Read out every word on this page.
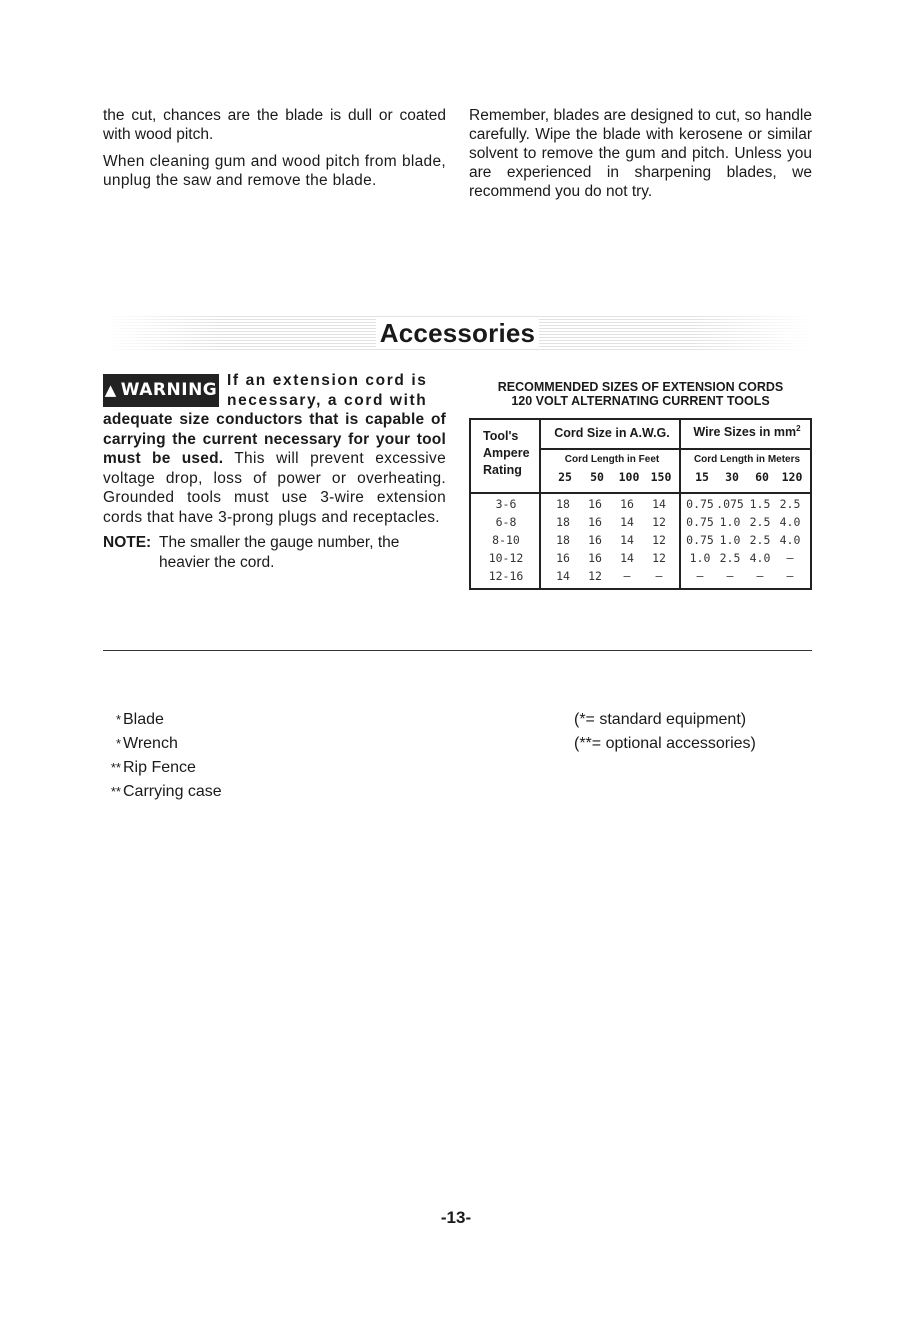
the cut, chances are the blade is dull or coated with wood pitch.

When cleaning gum and wood pitch from blade, unplug the saw and remove the blade.

Remember, blades are designed to cut, so handle carefully. Wipe the blade with kerosene or similar solvent to remove the gum and pitch. Unless you are experienced in sharpening blades, we recommend you do not try.

Accessories
▲ WARNING If an extension cord is necessary, a cord with

adequate size conductors that is capable of carrying the current necessary for your tool must be used. This will prevent excessive voltage drop, loss of power or overheating. Grounded tools must use 3-wire extension cords that have 3-prong plugs and receptacles.

NOTE: The smaller the gauge number, the heavier the cord.
RECOMMENDED SIZES OF EXTENSION CORDS
120 VOLT ALTERNATING CURRENT TOOLS
Tool's
Ampere
Rating
Cord Size in A.W.G.	Wire Sizes in $mm^2$
Cord Length in Feet	Cord Length in Meters
25	50	100 150	15	30	60	120
3-6	18	16	16	14	0.75 .075 1.5 2.5
6-8	18	16	14	12	0.75 1.0 2.5 4.0
8-10	18	16	14	12	0.75 1.0 2.5 4.0
10-12	16	16	14	12	1.0 2.5 4.0	—
12-16	14	12	—	—	—	—	—	—
* Blade
* Wrench
** Rip Fence
** Carrying case
(*= standard equipment)
(**= optional accessories)
-13-
